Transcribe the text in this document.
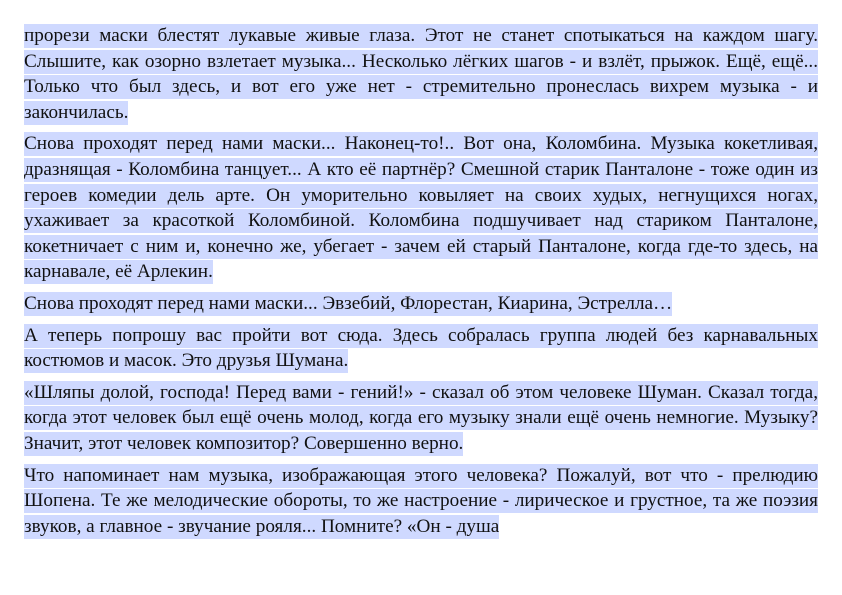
прорези маски блестят лукавые живые глаза. Этот не станет спотыкаться на каждом шагу. Слышите, как озорно взлетает музыка... Несколько лёгких шагов - и взлёт, прыжок. Ещё, ещё... Только что был здесь, и вот его уже нет - стремительно пронеслась вихрем музыка - и закончилась.

Снова проходят перед нами маски... Наконец-то!.. Вот она, Коломбина. Музыка кокетливая, дразнящая - Коломбина танцует... А кто её партнёр? Смешной старик Панталоне - тоже один из героев комедии дель арте. Он уморительно ковыляет на своих худых, негнущихся ногах, ухаживает за красоткой Коломбиной. Коломбина подшучивает над стариком Панталоне, кокетничает с ним и, конечно же, убегает - зачем ей старый Панталоне, когда где-то здесь, на карнавале, её Арлекин.

Снова проходят перед нами маски... Эвзебий, Флорестан, Киарина, Эстрелла…

А теперь попрошу вас пройти вот сюда. Здесь собралась группа людей без карнавальных костюмов и масок. Это друзья Шумана.

«Шляпы долой, господа! Перед вами - гений!» - сказал об этом человеке Шуман. Сказал тогда, когда этот человек был ещё очень молод, когда его музыку знали ещё очень немногие. Музыку? Значит, этот человек композитор? Совершенно верно.

Что напоминает нам музыка, изображающая этого человека? Пожалуй, вот что - прелюдию Шопена. Те же мелодические обороты, то же настроение - лирическое и грустное, та же поэзия звуков, а главное - звучание рояля... Помните? «Он - душа
